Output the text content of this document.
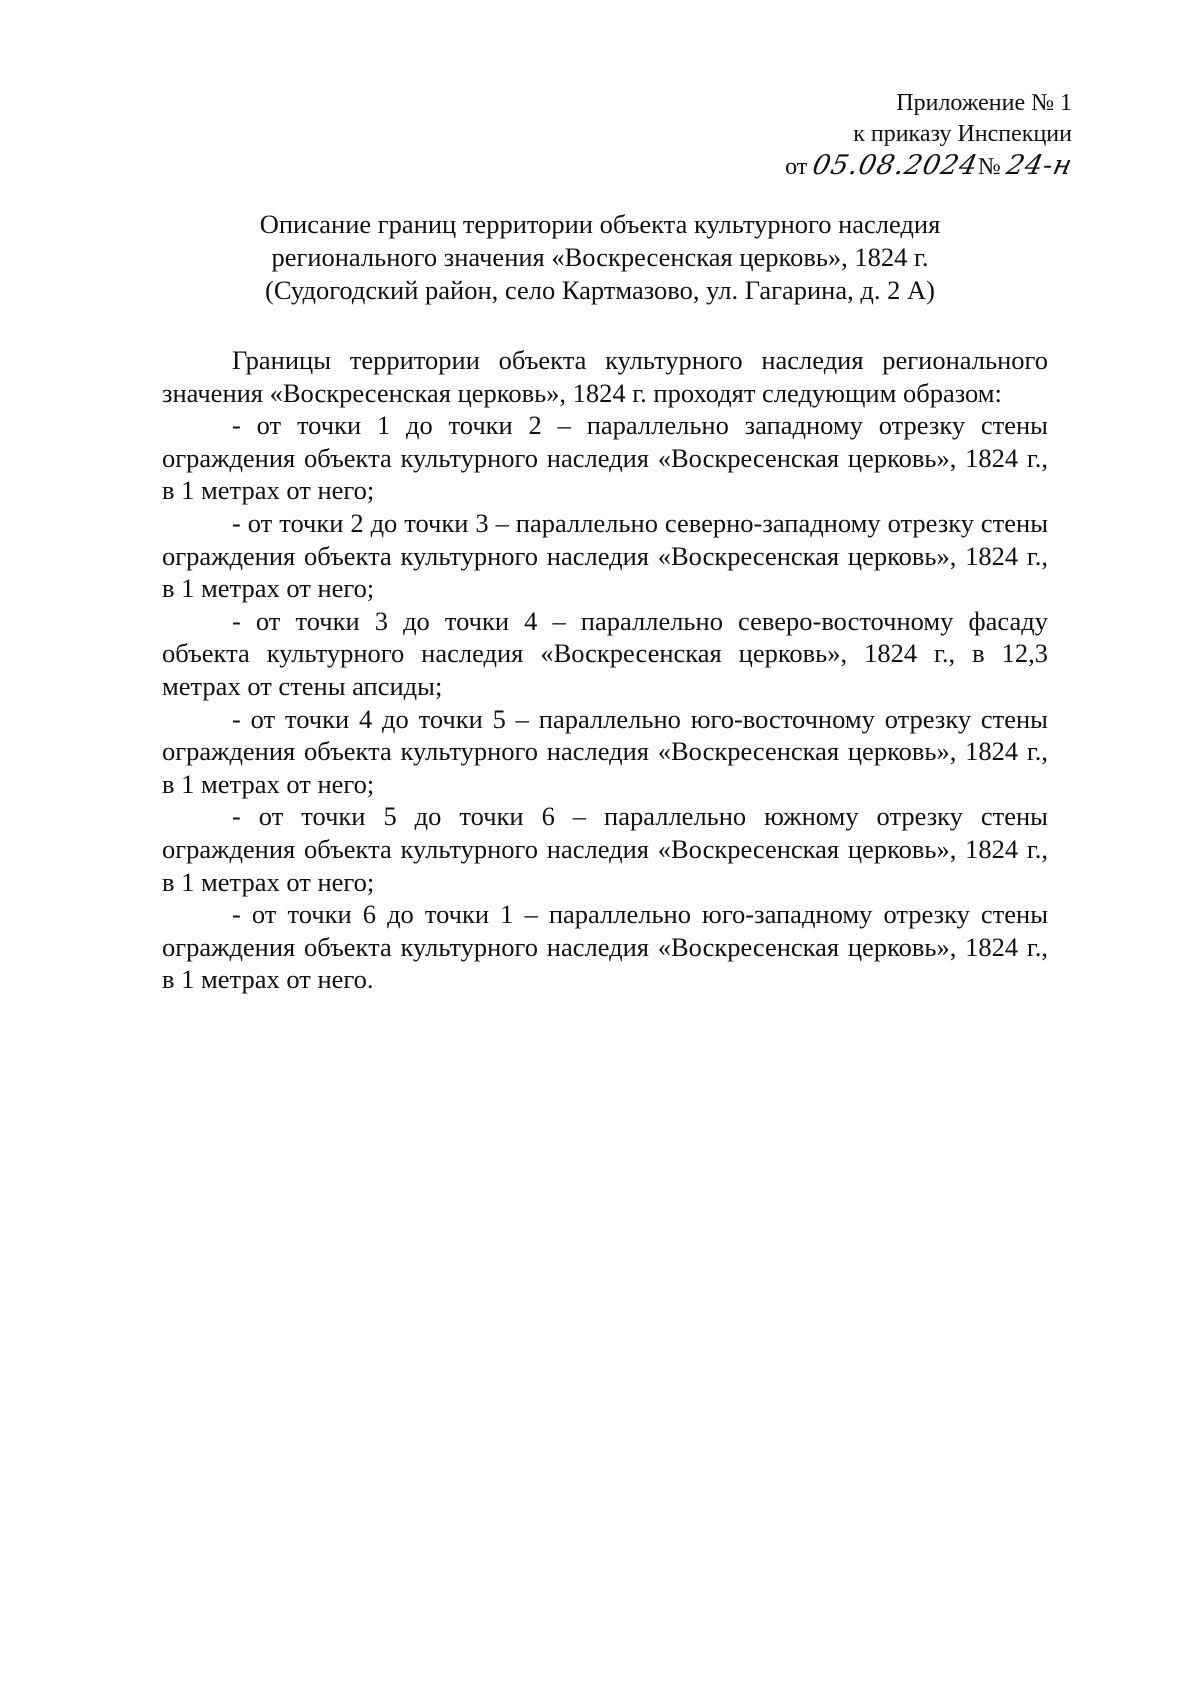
Приложение № 1
к приказу Инспекции
от 05.08.2024№ 24-н
Описание границ территории объекта культурного наследия
регионального значения «Воскресенская церковь», 1824 г.
(Судогодский район, село Картмазово, ул. Гагарина, д. 2 А)

Границы территории объекта культурного наследия регионального значения «Воскресенская церковь», 1824 г. проходят следующим образом:

- от точки 1 до точки 2 – параллельно западному отрезку стены ограждения объекта культурного наследия «Воскресенская церковь», 1824 г., в 1 метрах от него;

- от точки 2 до точки 3 – параллельно северно-западному отрезку стены ограждения объекта культурного наследия «Воскресенская церковь», 1824 г., в 1 метрах от него;

- от точки 3 до точки 4 – параллельно северо-восточному фасаду объекта культурного наследия «Воскресенская церковь», 1824 г., в 12,3 метрах от стены апсиды;

- от точки 4 до точки 5 – параллельно юго-восточному отрезку стены ограждения объекта культурного наследия «Воскресенская церковь», 1824 г., в 1 метрах от него;

- от точки 5 до точки 6 – параллельно южному отрезку стены ограждения объекта культурного наследия «Воскресенская церковь», 1824 г., в 1 метрах от него;

- от точки 6 до точки 1 – параллельно юго-западному отрезку стены ограждения объекта культурного наследия «Воскресенская церковь», 1824 г., в 1 метрах от него.
